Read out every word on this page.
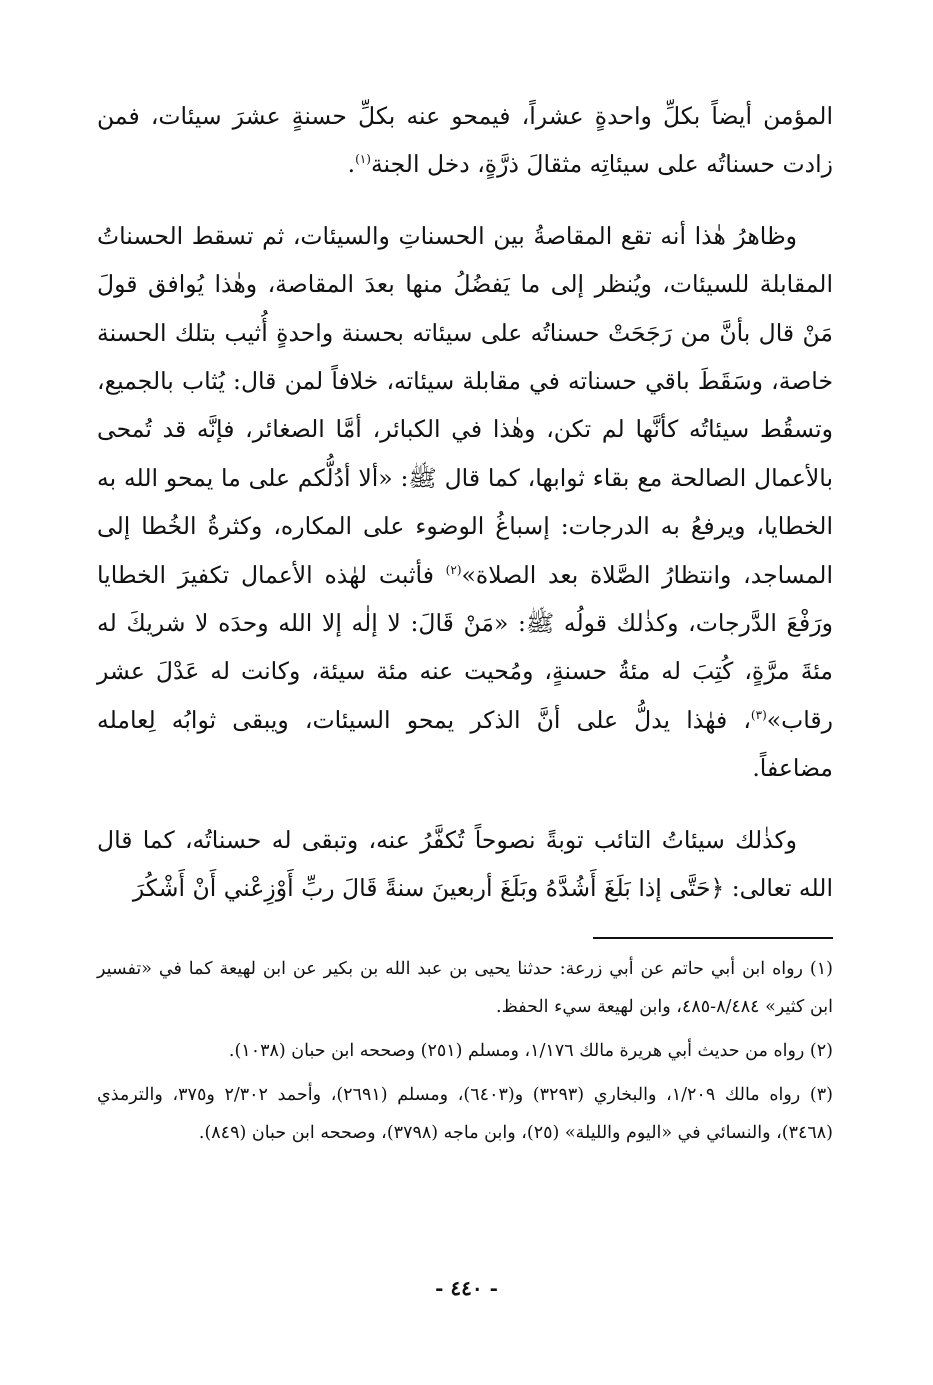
المؤمن أيضاً بكلِّ واحدةٍ عشراً، فيمحو عنه بكلِّ حسنةٍ عشرَ سيئات، فمن زادت حسناتُه على سيئاتِه مثقالَ ذرَّةٍ، دخل الجنة$^{(١)}$.

وظاهرُ هٰذا أنه تقع المقاصةُ بين الحسناتِ والسيئات، ثم تسقط الحسناتُ المقابلة للسيئات، ويُنظر إلى ما يَفضُلُ منها بعدَ المقاصة، وهٰذا يُوافق قولَ مَنْ قال بأنَّ من رَجَحَتْ حسناتُه على سيئاته بحسنة واحدةٍ أُثيب بتلك الحسنة خاصة، وسَقَطَ باقي حسناته في مقابلة سيئاته، خلافاً لمن قال: يُثاب بالجميع، وتسقُط سيئاتُه كأنَّها لم تكن، وهٰذا في الكبائر، أمَّا الصغائر، فإنَّه قد تُمحى بالأعمال الصالحة مع بقاء ثوابها، كما قال ﷺ: «ألا أدُلُّكم على ما يمحو الله به الخطايا، ويرفعُ به الدرجات: إسباغُ الوضوء على المكاره، وكثرةُ الخُطا إلى المساجد، وانتظارُ الصَّلاة بعد الصلاة»$^{(٢)}$ فأثبت لهٰذه الأعمال تكفيرَ الخطايا ورَفْعَ الدَّرجات، وكذٰلك قولُه ﷺ: «مَنْ قَالَ: لا إلٰه إلا الله وحدَه لا شريكَ له مئةَ مرَّةٍ، كُتِبَ له مئةُ حسنةٍ، ومُحيت عنه مئة سيئة، وكانت له عَدْلَ عشر رقاب»$^{(٣)}$، فهٰذا يدلُّ على أنَّ الذكر يمحو السيئات، ويبقى ثوابُه لِعامله مضاعفاً.

وكذٰلك سيئاتُ التائب توبةً نصوحاً تُكفَّرُ عنه، وتبقى له حسناتُه، كما قال الله تعالى: ﴿حَتَّى إذا بَلَغَ أَشُدَّهُ وبَلَغَ أربعينَ سنةً قَالَ ربِّ أَوْزِعْني أَنْ أَشْكُرَ

(١) رواه ابن أبي حاتم عن أبي زرعة: حدثنا يحيى بن عبد الله بن بكير عن ابن لهيعة كما في «تفسير ابن كثير» ٨/٤٨٤-٤٨٥، وابن لهيعة سيء الحفظ.

(٢) رواه من حديث أبي هريرة مالك ١/١٧٦، ومسلم (٢٥١) وصححه ابن حبان (١٠٣٨).

(٣) رواه مالك ١/٢٠٩، والبخاري (٣٢٩٣) و(٦٤٠٣)، ومسلم (٢٦٩١)، وأحمد ٢/٣٠٢ و٣٧٥، والترمذي (٣٤٦٨)، والنسائي في «اليوم والليلة» (٢٥)، وابن ماجه (٣٧٩٨)، وصححه ابن حبان (٨٤٩).

- ٤٤٠ -
